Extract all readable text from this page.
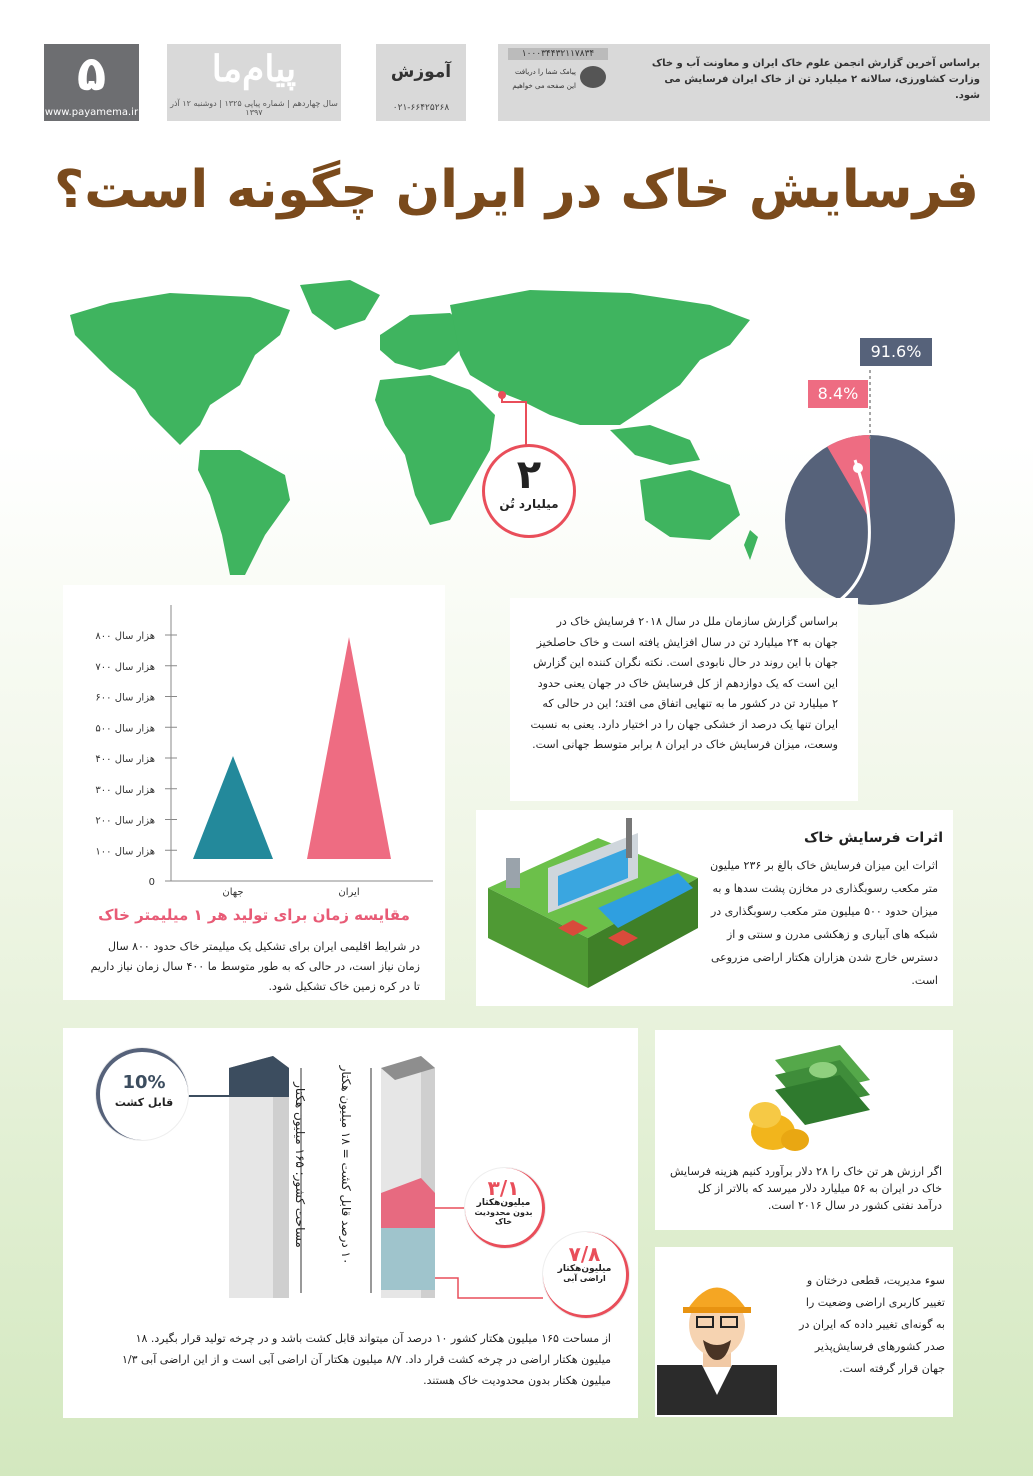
۵
www.payamema.ir
پیام‌ما
سال چهاردهم | شماره پیاپی ۱۳۲۵ | دوشنبه ۱۲ آذر ۱۳۹۷
آموزش
۰۲۱-۶۶۴۲۵۲۶۸
۱۰۰۰۳۴۴۳۲۱۱۷۸۳۴
پیامک شما را دریافت
این صفحه می خواهیم
براساس آخرین گزارش انجمن علوم خاک ایران و معاونت آب و خاک وزارت کشاورزی، سالانه ۲ میلیارد تن از خاک ایران فرسایش می شود.
فرسایش خاک در ایران چگونه است؟
۲
میلیارد تُن
91.6%
8.4%
براساس گزارش سازمان ملل در سال ۲۰۱۸ فرسایش خاک در جهان به ۲۴ میلیارد تن در سال افزایش یافته است و خاک حاصلخیز جهان با این روند در حال نابودی است. نکته نگران کننده این گزارش این است که یک دوازدهم از کل فرسایش خاک در جهان یعنی حدود ۲ میلیارد تن در کشور ما به تنهایی اتفاق می افتد؛ این در حالی که ایران تنها یک درصد از خشکی جهان را در اختیار دارد. یعنی به نسبت وسعت، میزان فرسایش خاک در ایران ۸ برابر متوسط جهانی است.
۸۰۰ هزار سال
۷۰۰ هزار سال
۶۰۰ هزار سال
۵۰۰ هزار سال
۴۰۰ هزار سال
۳۰۰ هزار سال
۲۰۰ هزار سال
۱۰۰ هزار سال
0
جهان	ایران
مقایسه زمان برای تولید هر ۱ میلیمتر خاک
در شرایط اقلیمی ایران برای تشکیل یک میلیمتر خاک حدود ۸۰۰ سال زمان نیاز است، در حالی که به طور متوسط ما ۴۰۰ سال زمان نیاز داریم تا در کره زمین خاک تشکیل شود.
اثرات فرسایش خاک
اثرات این میزان فرسایش خاک بالغ بر ۲۳۶ میلیون متر مکعب رسوبگذاری در مخازن پشت سدها و به میزان حدود ۵۰۰ میلیون متر مکعب رسوبگذاری در شبکه های آبیاری و زهکشی مدرن و سنتی و از دسترس خارج شدن هزاران هکتار اراضی مزروعی است.
10%
قابل کشت	مساحت کشور: ۱۶۵ میلیون هکتار
۱۰ درصد قابل کشت = ۱۸ میلیون هکتار
۳/۱
میلیون‌هکتار
بدون محدودیت خاک
۷/۸
میلیون‌هکتار
اراضی آبی
از مساحت ۱۶۵ میلیون هکتار کشور ۱۰ درصد آن میتواند قابل کشت باشد و در چرخه تولید قرار بگیرد. ۱۸ میلیون هکتار اراضی در چرخه کشت قرار داد. ۸/۷ میلیون هکتار آن اراضی آبی است و از این اراضی آبی ۱/۳ میلیون هکتار بدون محدودیت خاک هستند.
اگر ارزش هر تن خاک را ۲۸ دلار برآورد کنیم هزینه فرسایش خاک در ایران به ۵۶ میلیارد دلار میرسد که بالاتر از کل درآمد نفتی کشور در سال ۲۰۱۶ است.
سوء مدیریت، قطعی درختان و تغییر کاربری اراضی وضعیت را به گونه‌ای تغییر داده که ایران در صدر کشورهای فرسایش‌پذیر جهان قرار گرفته است.
